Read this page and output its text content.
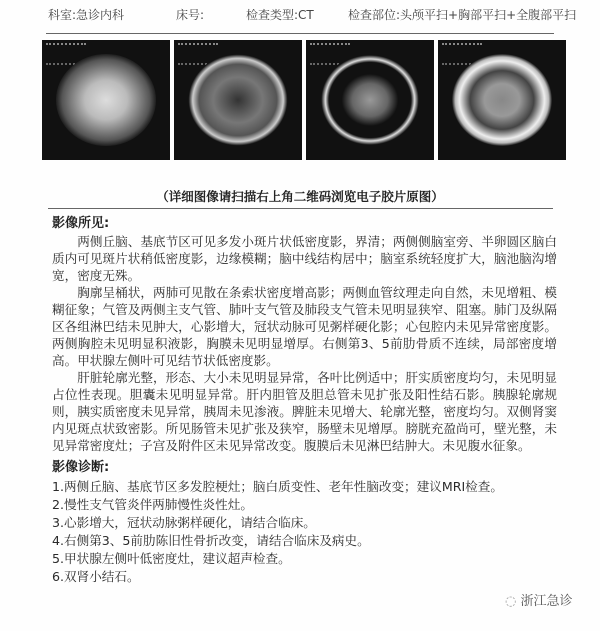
科室:急诊内科	床号:	检查类型:CT	检查部位:头颅平扫+胸部平扫+全腹部平扫
（详细图像请扫描右上角二维码浏览电子胶片原图）
影像所见:
两侧丘脑、基底节区可见多发小斑片状低密度影，界清；两侧侧脑室旁、半卵圆区脑白质内可见斑片状稍低密度影，边缘模糊；脑中线结构居中；脑室系统轻度扩大，脑池脑沟增宽，密度无殊。
胸廓呈桶状，两肺可见散在条索状密度增高影；两侧血管纹理走向自然，未见增粗、模糊征象；气管及两侧主支气管、肺叶支气管及肺段支气管未见明显狭窄、阻塞。肺门及纵隔区各组淋巴结未见肿大，心影增大，冠状动脉可见粥样硬化影；心包腔内未见异常密度影。两侧胸腔未见明显积液影，胸膜未见明显增厚。右侧第3、5前肋骨质不连续，局部密度增高。甲状腺左侧叶可见结节状低密度影。
肝脏轮廓光整，形态、大小未见明显异常，各叶比例适中；肝实质密度均匀，未见明显占位性表现。胆囊未见明显异常。肝内胆管及胆总管未见扩张及阳性结石影。胰腺轮廓规则，胰实质密度未见异常，胰周未见渗液。脾脏未见增大、轮廓光整，密度均匀。双侧肾窦内见斑点状致密影。所见肠管未见扩张及狭窄，肠壁未见增厚。膀胱充盈尚可，壁光整，未见异常密度灶；子宫及附件区未见异常改变。腹膜后未见淋巴结肿大。未见腹水征象。
影像诊断:
1.两侧丘脑、基底节区多发腔梗灶；脑白质变性、老年性脑改变；建议MRI检查。
2.慢性支气管炎伴两肺慢性炎性灶。
3.心影增大，冠状动脉粥样硬化，请结合临床。
4.右侧第3、5前肋陈旧性骨折改变，请结合临床及病史。
5.甲状腺左侧叶低密度灶，建议超声检查。
6.双肾小结石。
◌ 浙江急诊
